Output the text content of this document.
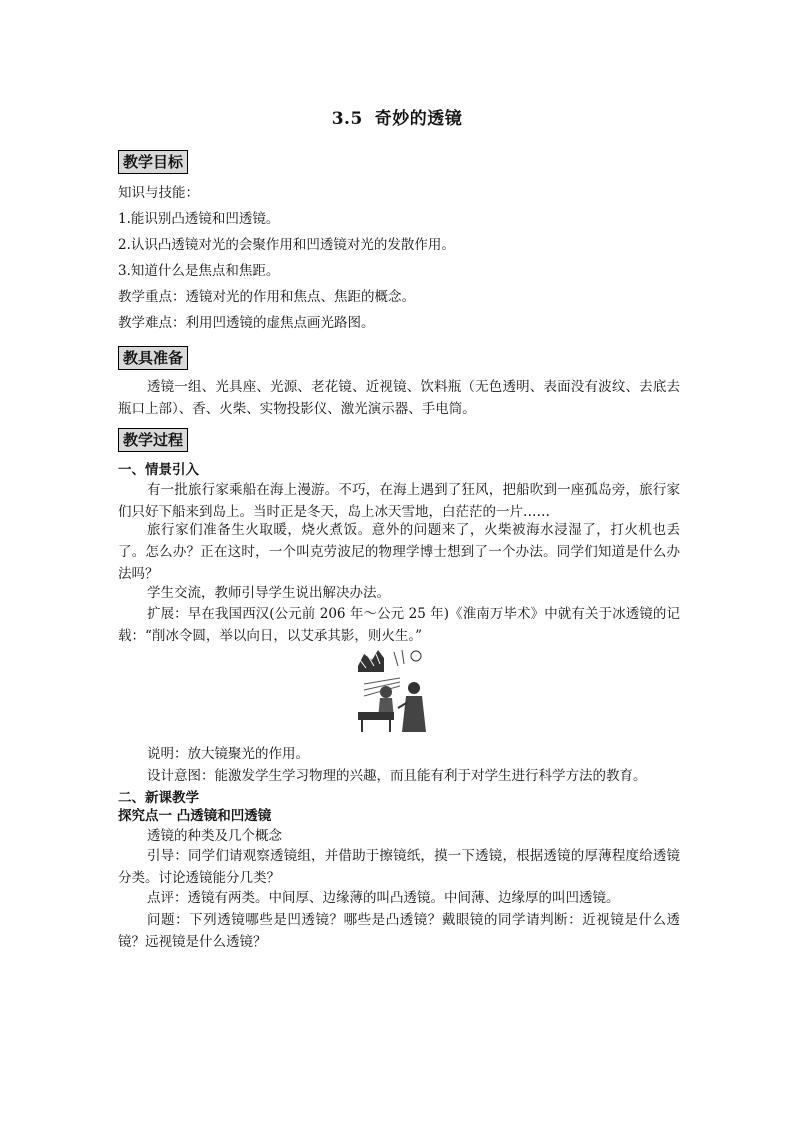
3.5 奇妙的透镜
教学目标
知识与技能：
1.能识别凸透镜和凹透镜。
2.认识凸透镜对光的会聚作用和凹透镜对光的发散作用。
3.知道什么是焦点和焦距。
教学重点：透镜对光的作用和焦点、焦距的概念。
教学难点：利用凹透镜的虚焦点画光路图。
教具准备
透镜一组、光具座、光源、老花镜、近视镜、饮料瓶（无色透明、表面没有波纹、去底去瓶口上部）、香、火柴、实物投影仪、激光演示器、手电筒。
教学过程
一、情景引入
有一批旅行家乘船在海上漫游。不巧，在海上遇到了狂风，把船吹到一座孤岛旁，旅行家们只好下船来到岛上。当时正是冬天，岛上冰天雪地，白茫茫的一片……
旅行家们准备生火取暖，烧火煮饭。意外的问题来了，火柴被海水浸湿了，打火机也丢了。怎么办？正在这时，一个叫克劳波尼的物理学博士想到了一个办法。同学们知道是什么办法吗？
学生交流，教师引导学生说出解决办法。
扩展：早在我国西汉(公元前 206 年～公元 25 年)《淮南万毕术》中就有关于冰透镜的记载：“削冰令圆，举以向日，以艾承其影，则火生。”
说明：放大镜聚光的作用。
设计意图：能激发学生学习物理的兴趣，而且能有利于对学生进行科学方法的教育。
二、新课教学
探究点一 凸透镜和凹透镜
透镜的种类及几个概念
引导：同学们请观察透镜组，并借助于擦镜纸，摸一下透镜，根据透镜的厚薄程度给透镜分类。讨论透镜能分几类？
点评：透镜有两类。中间厚、边缘薄的叫凸透镜。中间薄、边缘厚的叫凹透镜。
问题：下列透镜哪些是凹透镜？哪些是凸透镜？戴眼镜的同学请判断：近视镜是什么透镜？远视镜是什么透镜？
